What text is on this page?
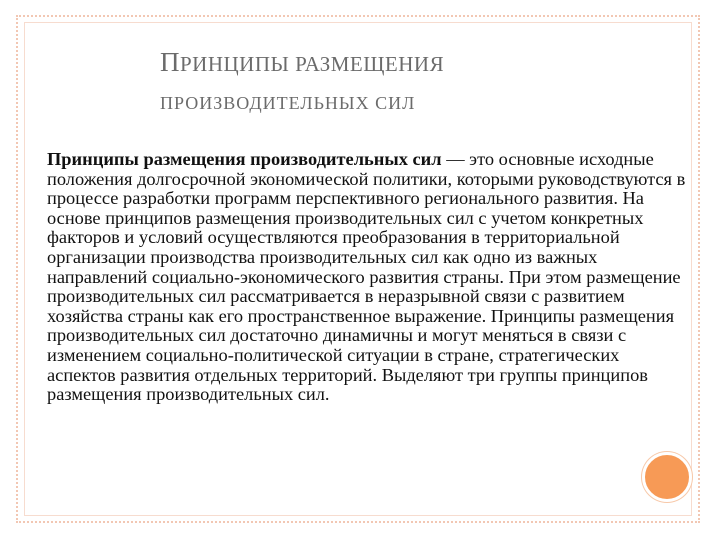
ПРИНЦИПЫ РАЗМЕЩЕНИЯ
ПРОИЗВОДИТЕЛЬНЫХ СИЛ
Принципы размещения производительных сил — это основные исходные положения долгосрочной экономической политики, которыми руководствуются в процессе разработки программ перспективного регионального развития. На основе принципов размещения производительных сил с учетом конкретных факторов и условий осуществляются преобразования в территориальной организации производства производительных сил как одно из важных направлений социально-экономического развития страны. При этом размещение производительных сил рассматривается в неразрывной связи с развитием хозяйства страны как его пространственное выражение. Принципы размещения производительных сил достаточно динамичны и могут меняться в связи с изменением социально-политической ситуации в стране, стратегических аспектов развития отдельных территорий. Выделяют три группы принципов размещения производительных сил.
